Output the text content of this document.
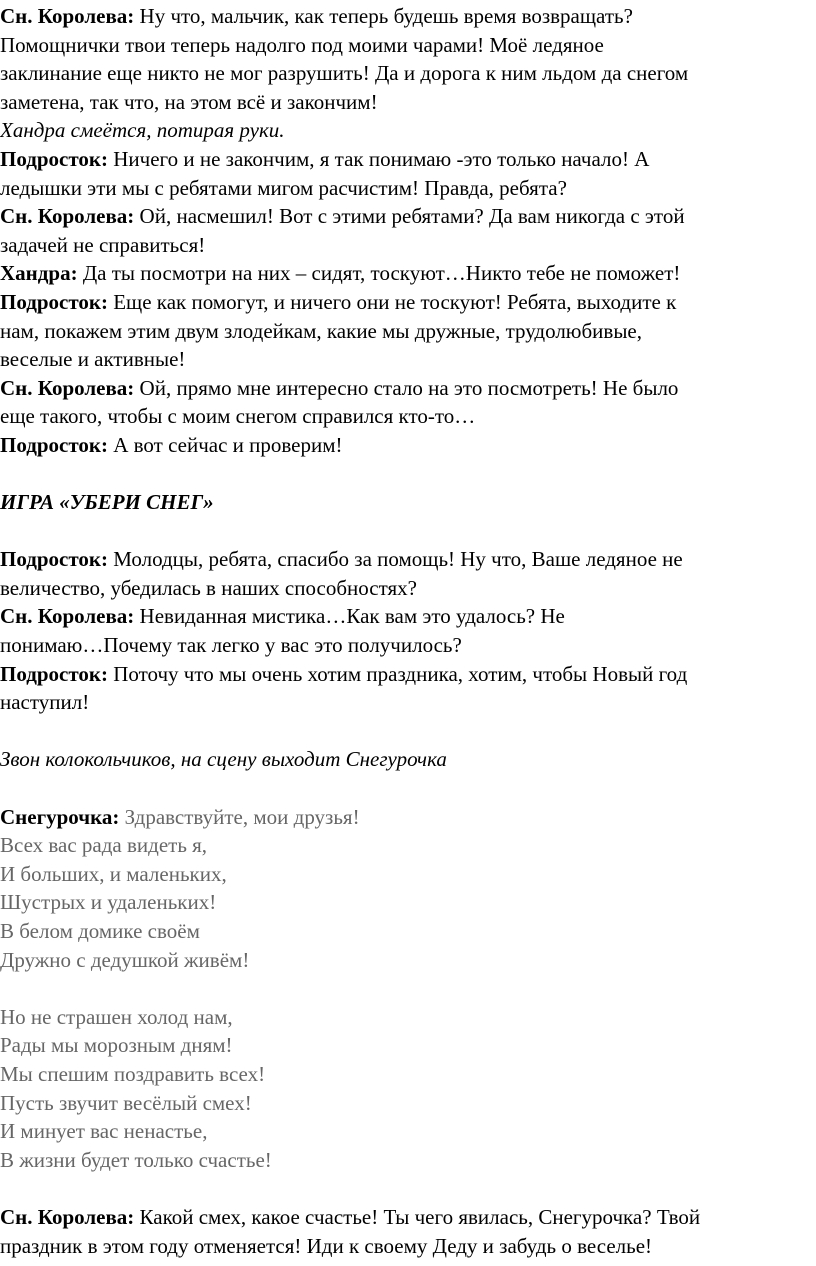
Сн. Королева: Ну что, мальчик, как теперь будешь время возвращать?

Помощнички твои теперь надолго под моими чарами! Моё ледяное

заклинание еще никто не мог разрушить! Да и дорога к ним льдом да снегом

заметена, так что, на этом всё и закончим!

Хандра смеётся, потирая руки.

Подросток: Ничего и не закончим, я так понимаю -это только начало! А

ледышки эти мы с ребятами мигом расчистим! Правда, ребята?

Сн. Королева: Ой, насмешил! Вот с этими ребятами? Да вам никогда с этой

задачей не справиться!

Хандра: Да ты посмотри на них – сидят, тоскуют…Никто тебе не поможет!

Подросток: Еще как помогут, и ничего они не тоскуют! Ребята, выходите к

нам, покажем этим двум злодейкам, какие мы дружные, трудолюбивые,

веселые и активные!

Сн. Королева: Ой, прямо мне интересно стало на это посмотреть! Не было

еще такого, чтобы с моим снегом справился кто-то…

Подросток: А вот сейчас и проверим!

ИГРА «УБЕРИ СНЕГ»

Подросток: Молодцы, ребята, спасибо за помощь! Ну что, Ваше ледяное не

величество, убедилась в наших способностях?

Сн. Королева: Невиданная мистика…Как вам это удалось? Не

понимаю…Почему так легко у вас это получилось?

Подросток: Поточу что мы очень хотим праздника, хотим, чтобы Новый год

наступил!

Звон колокольчиков, на сцену выходит Снегурочка

Снегурочка: Здравствуйте, мои друзья!

Всех вас рада видеть я,

И больших, и маленьких,

Шустрых и удаленьких!

В белом домике своём

Дружно с дедушкой живём!

Но не страшен холод нам,

Рады мы морозным дням!

Мы спешим поздравить всех!

Пусть звучит весёлый смех!

И минует вас ненастье,

В жизни будет только счастье!

Сн. Королева: Какой смех, какое счастье! Ты чего явилась, Снегурочка? Твой

праздник в этом году отменяется! Иди к своему Деду и забудь о веселье!
